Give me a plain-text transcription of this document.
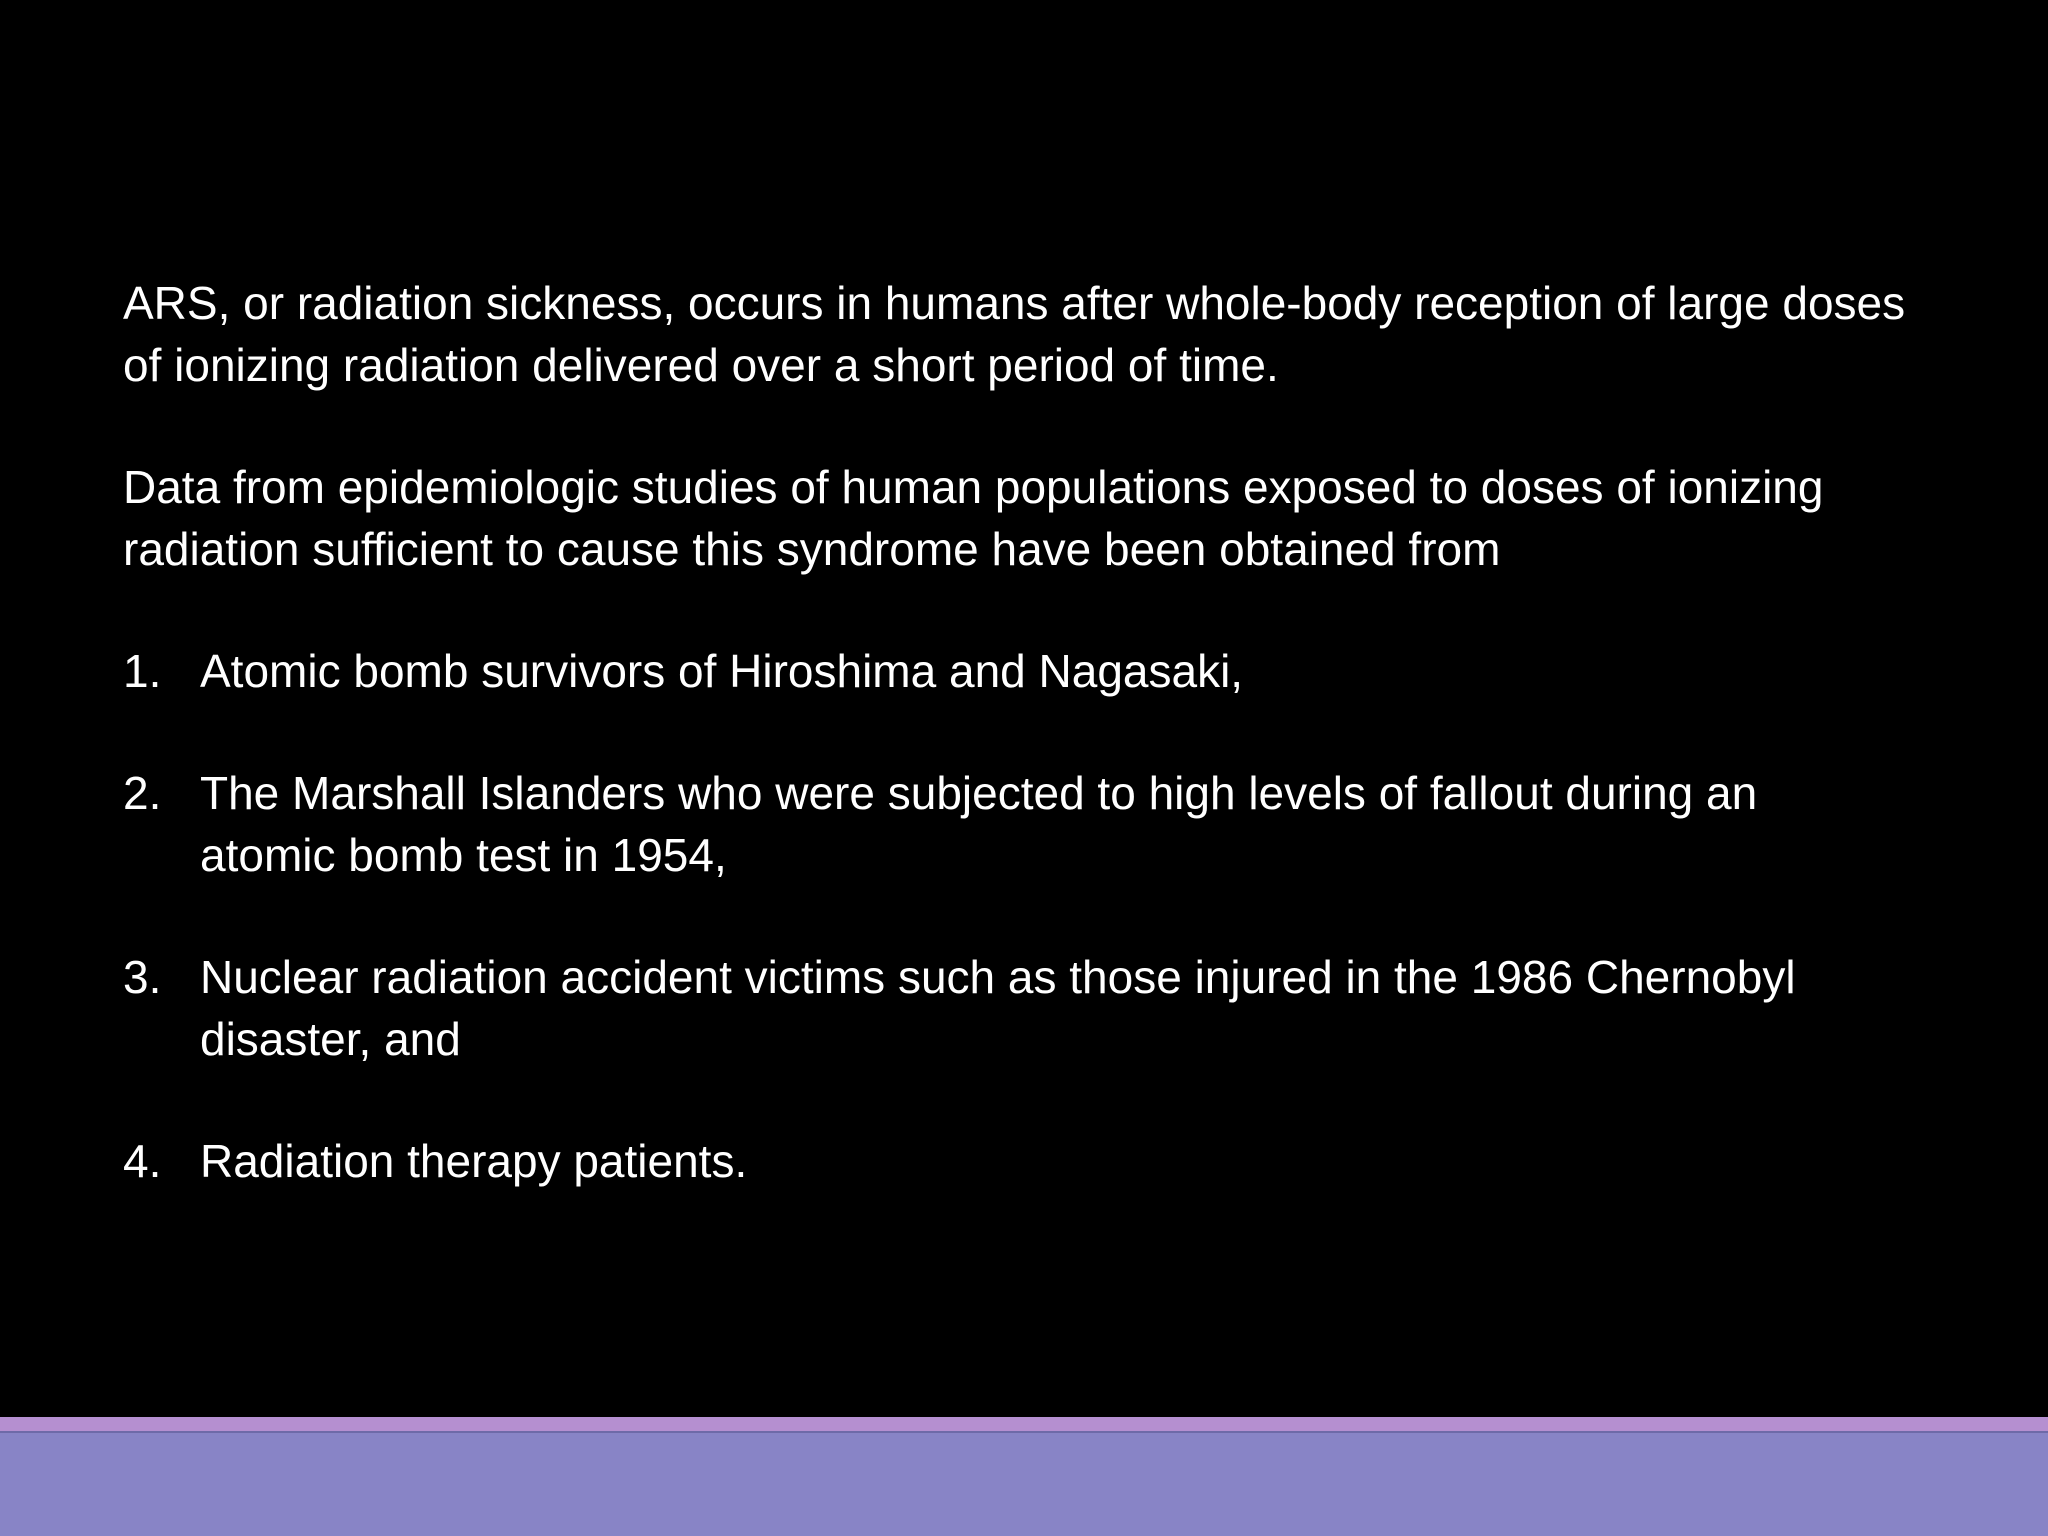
ARS, or radiation sickness, occurs in humans after whole-body reception of large doses of ionizing radiation delivered over a short period of time.

Data from epidemiologic studies of human populations exposed to doses of ionizing radiation sufficient to cause this syndrome have been obtained from

1. Atomic bomb survivors of Hiroshima and Nagasaki,
2. The Marshall Islanders who were subjected to high levels of fallout during an atomic bomb test in 1954,
3. Nuclear radiation accident victims such as those injured in the 1986 Chernobyl disaster, and
4. Radiation therapy patients.
